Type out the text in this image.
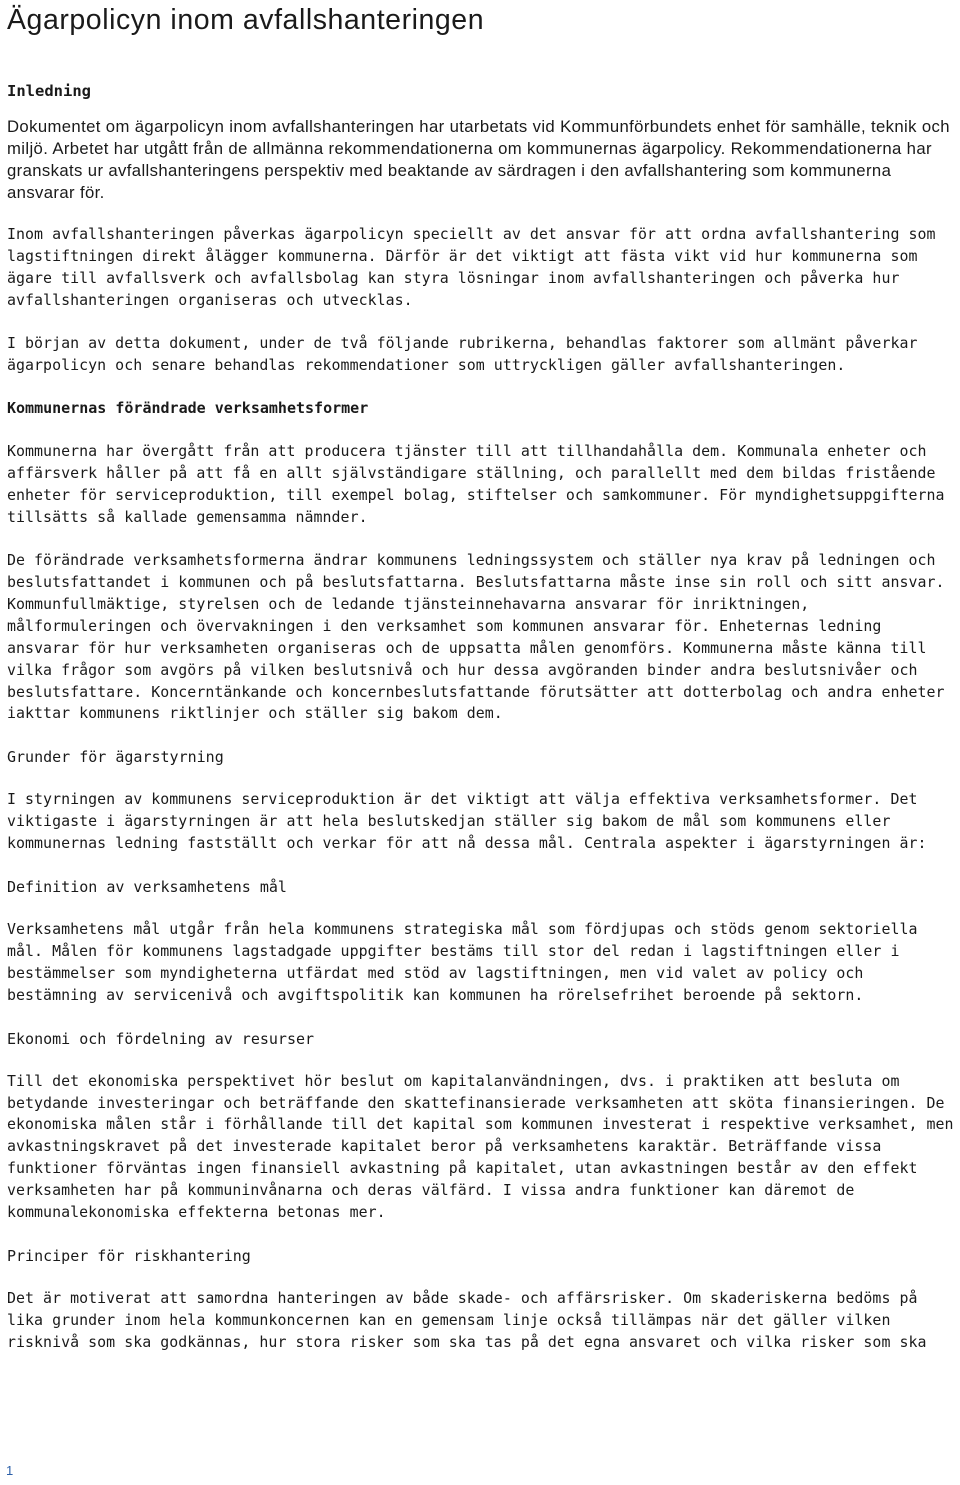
Ägarpolicyn inom avfallshanteringen
Inledning

Dokumentet om ägarpolicyn inom avfallshanteringen har utarbetats vid Kommunförbundets enhet för samhälle, teknik och miljö. Arbetet har utgått från de allmänna rekommendationerna om kommunernas ägarpolicy. Rekommendationerna har granskats ur avfallshanteringens perspektiv med beaktande av särdragen i den avfallshantering som kommunerna ansvarar för.

Inom avfallshanteringen påverkas ägarpolicyn speciellt av det ansvar för att ordna avfallshantering som lagstiftningen direkt ålägger kommunerna. Därför är det viktigt att fästa vikt vid hur kommunerna som ägare till avfallsverk och avfallsbolag kan styra lösningar inom avfallshanteringen och påverka hur avfallshanteringen organiseras och utvecklas.

I början av detta dokument, under de två följande rubrikerna, behandlas faktorer som allmänt påverkar ägarpolicyn och senare behandlas rekommendationer som uttryckligen gäller avfallshanteringen.

Kommunernas förändrade verksamhetsformer

Kommunerna har övergått från att producera tjänster till att tillhandahålla dem. Kommunala enheter och affärsverk håller på att få en allt självständigare ställning, och parallellt med dem bildas fristående enheter för serviceproduktion, till exempel bolag, stiftelser och samkommuner. För myndighetsuppgifterna tillsätts så kallade gemensamma nämnder.

De förändrade verksamhetsformerna ändrar kommunens ledningssystem och ställer nya krav på ledningen och beslutsfattandet i kommunen och på beslutsfattarna. Beslutsfattarna måste inse sin roll och sitt ansvar. Kommunfullmäktige, styrelsen och de ledande tjänsteinnehavarna ansvarar för inriktningen, målformuleringen och övervakningen i den verksamhet som kommunen ansvarar för. Enheternas ledning ansvarar för hur verksamheten organiseras och de uppsatta målen genomförs. Kommunerna måste känna till vilka frågor som avgörs på vilken beslutsnivå och hur dessa avgöranden binder andra beslutsnivåer och beslutsfattare. Koncerntänkande och koncernbeslutsfattande förutsätter att dotterbolag och andra enheter iakttar kommunens riktlinjer och ställer sig bakom dem.

Grunder för ägarstyrning

I styrningen av kommunens serviceproduktion är det viktigt att välja effektiva verksamhetsformer. Det viktigaste i ägarstyrningen är att hela beslutskedjan ställer sig bakom de mål som kommunens eller kommunernas ledning fastställt och verkar för att nå dessa mål. Centrala aspekter i ägarstyrningen är:

Definition av verksamhetens mål

Verksamhetens mål utgår från hela kommunens strategiska mål som fördjupas och stöds genom sektoriella mål. Målen för kommunens lagstadgade uppgifter bestäms till stor del redan i lagstiftningen eller i bestämmelser som myndigheterna utfärdat med stöd av lagstiftningen, men vid valet av policy och bestämning av servicenivå och avgiftspolitik kan kommunen ha rörelsefrihet beroende på sektorn.

Ekonomi och fördelning av resurser

Till det ekonomiska perspektivet hör beslut om kapitalanvändningen, dvs. i praktiken att besluta om betydande investeringar och beträffande den skattefinansierade verksamheten att sköta finansieringen. De ekonomiska målen står i förhållande till det kapital som kommunen investerat i respektive verksamhet, men avkastningskravet på det investerade kapitalet beror på verksamhetens karaktär. Beträffande vissa funktioner förväntas ingen finansiell avkastning på kapitalet, utan avkastningen består av den effekt verksamheten har på kommuninvånarna och deras välfärd. I vissa andra funktioner kan däremot de kommunalekonomiska effekterna betonas mer.

Principer för riskhantering

Det är motiverat att samordna hanteringen av både skade- och affärsrisker. Om skaderiskerna bedöms på lika grunder inom hela kommunkoncernen kan en gemensam linje också tillämpas när det gäller vilken risknivå som ska godkännas, hur stora risker som ska tas på det egna ansvaret och vilka risker som ska

1
